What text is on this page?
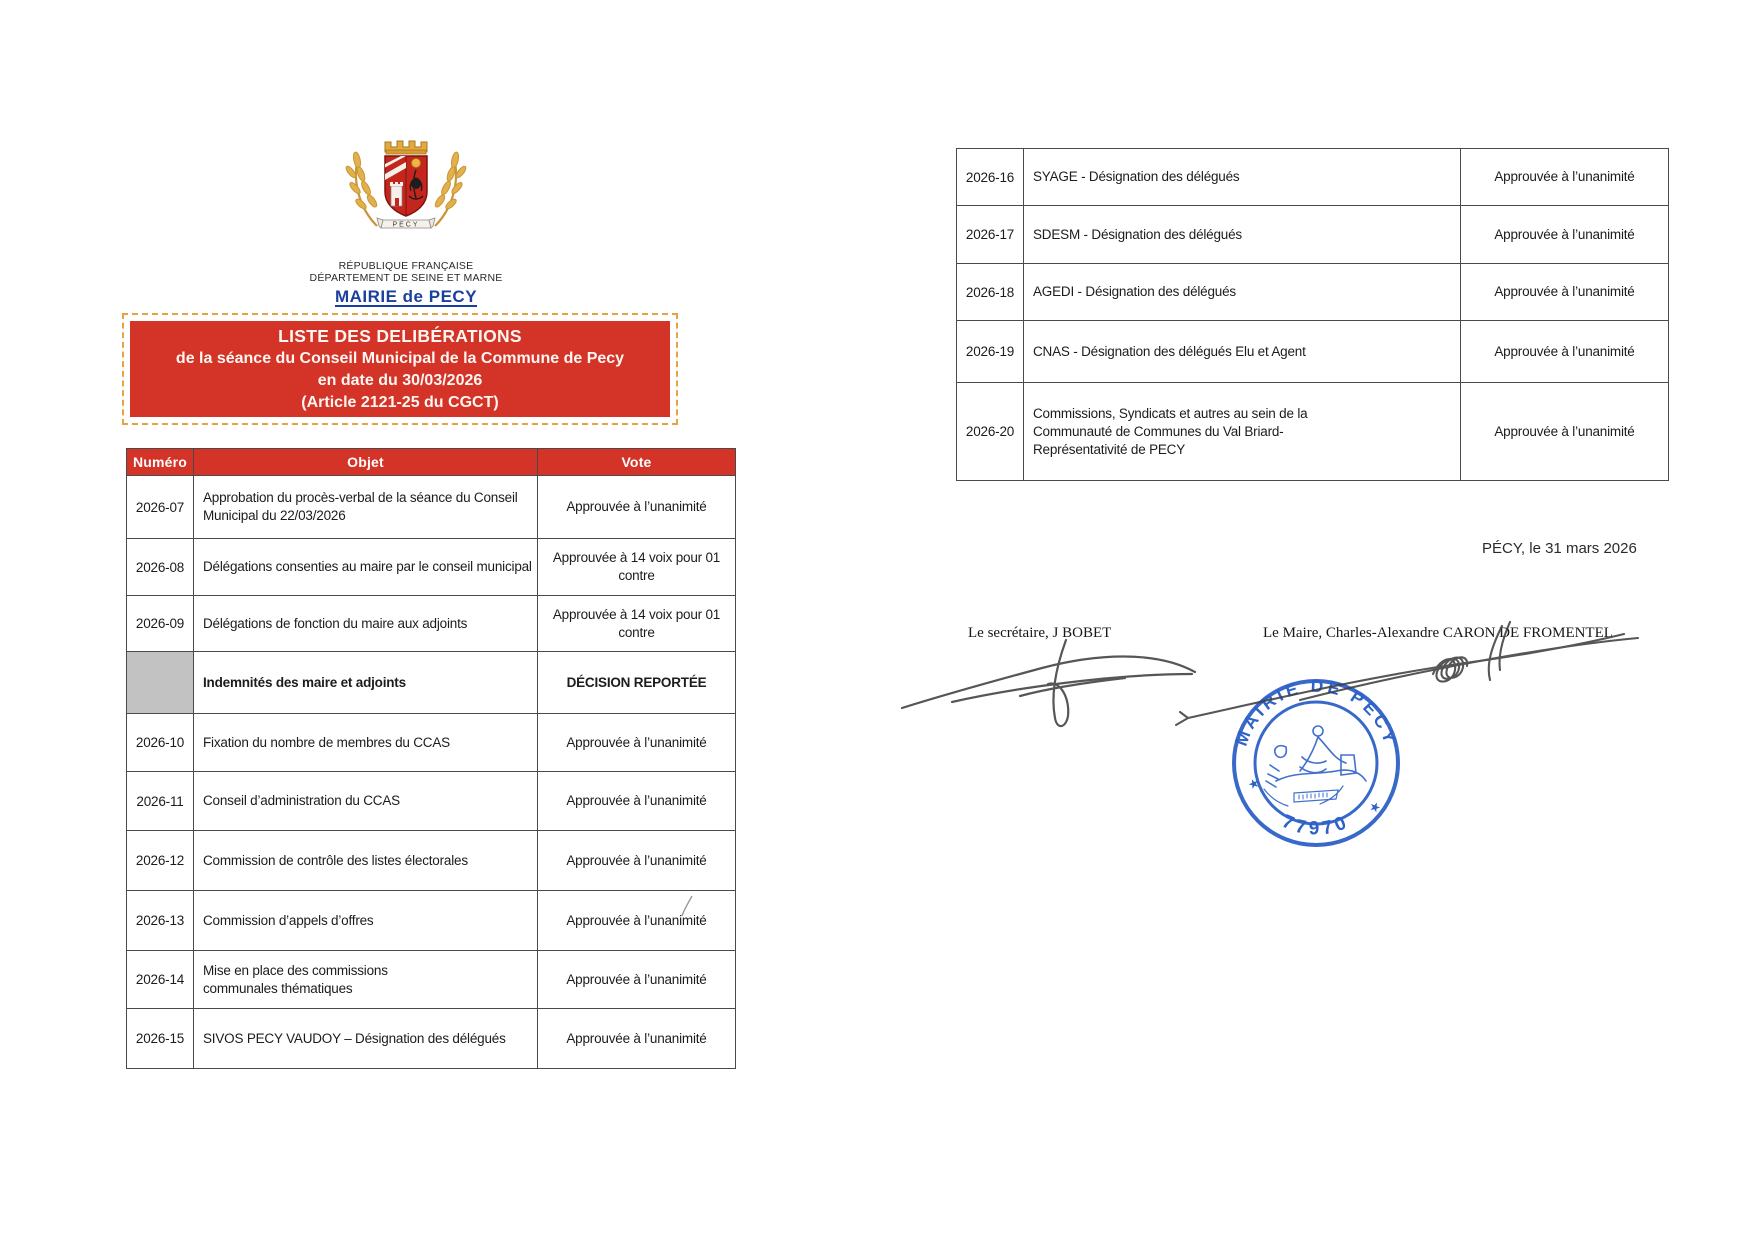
PECY
RÉPUBLIQUE FRANÇAISE
DÉPARTEMENT DE SEINE ET MARNE
MAIRIE de PECY
LISTE DES DELIBÉRATIONS
de la séance du Conseil Municipal de la Commune de Pecy
en date du 30/03/2026
(Article 2121-25 du CGCT)
Numéro	Objet	Vote
2026-07	Approbation du procès-verbal de la séance du Conseil Municipal du 22/03/2026	Approuvée à l’unanimité
2026-08	Délégations consenties au maire par le conseil municipal	Approuvée à 14 voix pour 01 contre
2026-09	Délégations de fonction du maire aux adjoints	Approuvée à 14 voix pour 01 contre
	Indemnités des maire et adjoints	DÉCISION REPORTÉE
2026-10	Fixation du nombre de membres du CCAS	Approuvée à l’unanimité
2026-11	Conseil d’administration du CCAS	Approuvée à l’unanimité
2026-12	Commission de contrôle des listes électorales	Approuvée à l’unanimité
2026-13	Commission d’appels d’offres	Approuvée à l’unanimité
2026-14	Mise en place des commissions communales thématiques	Approuvée à l’unanimité
2026-15	SIVOS PECY VAUDOY – Désignation des délégués	Approuvée à l’unanimité
2026-16	SYAGE - Désignation des délégués	Approuvée à l’unanimité
2026-17	SDESM - Désignation des délégués	Approuvée à l’unanimité
2026-18	AGEDI - Désignation des délégués	Approuvée à l’unanimité
2026-19	CNAS - Désignation des délégués Elu et Agent	Approuvée à l’unanimité
2026-20	Commissions, Syndicats et autres au sein de la Communauté de Communes du Val Briard- Représentativité de PECY	Approuvée à l’unanimité
PÉCY, le 31 mars 2026
Le secrétaire, J BOBET	Le Maire, Charles-Alexandre CARON DE FROMENTEL
MAIRIE DE PECY
77970
★
★
